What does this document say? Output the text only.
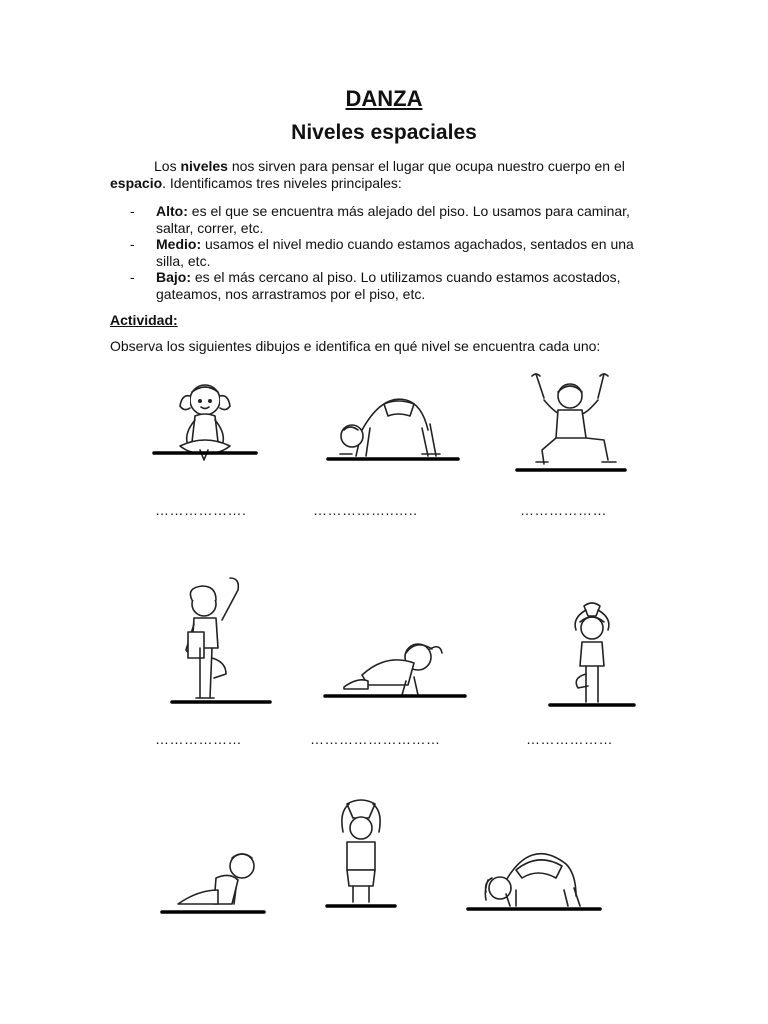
DANZA
Niveles espaciales

Los niveles nos sirven para pensar el lugar que ocupa nuestro cuerpo en el espacio. Identificamos tres niveles principales:

- Alto: es el que se encuentra más alejado del piso. Lo usamos para caminar, saltar, correr, etc.
- Medio: usamos el nivel medio cuando estamos agachados, sentados en una silla, etc.
- Bajo: es el más cercano al piso. Lo utilizamos cuando estamos acostados, gateamos, nos arrastramos por el piso, etc.

Actividad:

Observa los siguientes dibujos e identifica en qué nivel se encuentra cada uno:

……………….	……………..…..	………………
………………	………………………	………………
